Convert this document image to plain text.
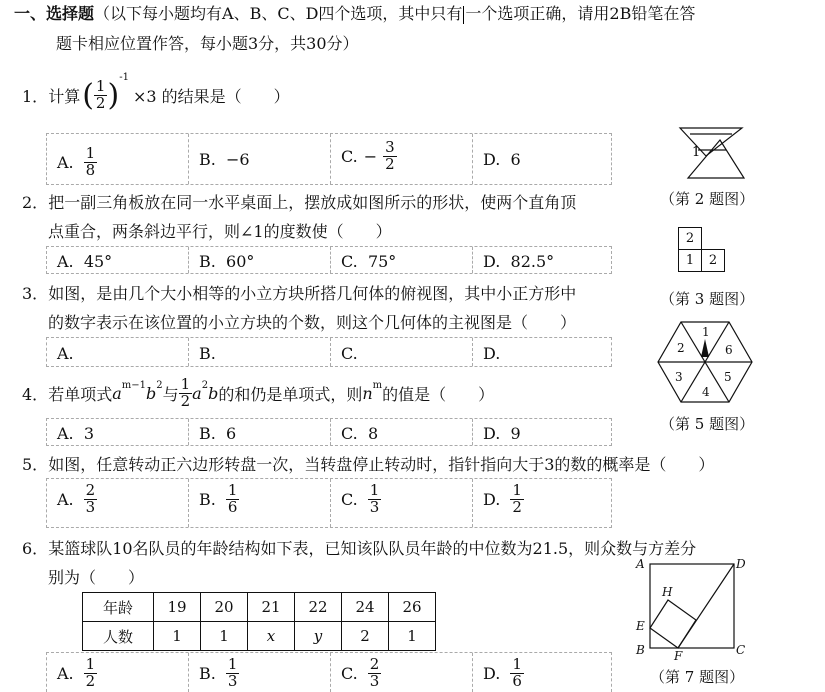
一、选择题（以下每小题均有A、B、C、D四个选项，其中只有 一个选项正确，请用2B铅笔在答
题卡相应位置作答，每小题3分，共30分）
1． 计算 ( $\frac{1}{2} )^{-1}$
×3 的结果是（　　）
A. $\frac{1}{8}$	B. −6	C. − $\frac{3}{2}$	D. 6
2．把一副三角板放在同一水平桌面上，摆放成如图所示的形状，使两个直角顶
点重合，两条斜边平行，则∠1的度数使（　　）
A. 45°	B. 60°	C. 75°	D. 82.5°
3．如图，是由几个大小相等的小立方块所搭几何体的俯视图，其中小正方形中
的数字表示在该位置的小立方块的个数，则这个几何体的主视图是（　　）
A.	B.	C.	D.
4． 若单项式 $a^{m-1}$ $b^2$ 与 $\frac{1}{2} a^2$ b 的和仍是单项式，则 $n^m$ 的值是（　　）
A. 3	B. 6	C. 8	D. 9
5．如图，任意转动正六边形转盘一次，当转盘停止转动时，指针指向大于3的数的概率是（　　）
A. $\frac{2}{3}$	B. $\frac{1}{6}$	C. $\frac{1}{3}$	D. $\frac{1}{2}$
6．某篮球队10名队员的年龄结构如下表，已知该队队员年龄的中位数为21.5，则众数与方差分
别为（　　）
年龄	19	20	21	22	24	26
人数	1	1	x	y	2	1
A. $\frac{1}{2}$	B. $\frac{1}{3}$	C. $\frac{2}{3}$	D. $\frac{1}{6}$
1
（第 2 题图）
2
1	2
（第 3 题图）
1
2
3
4
5
6
（第 5 题图）
A	D
H
E
B F	C
（第 7 题图）
